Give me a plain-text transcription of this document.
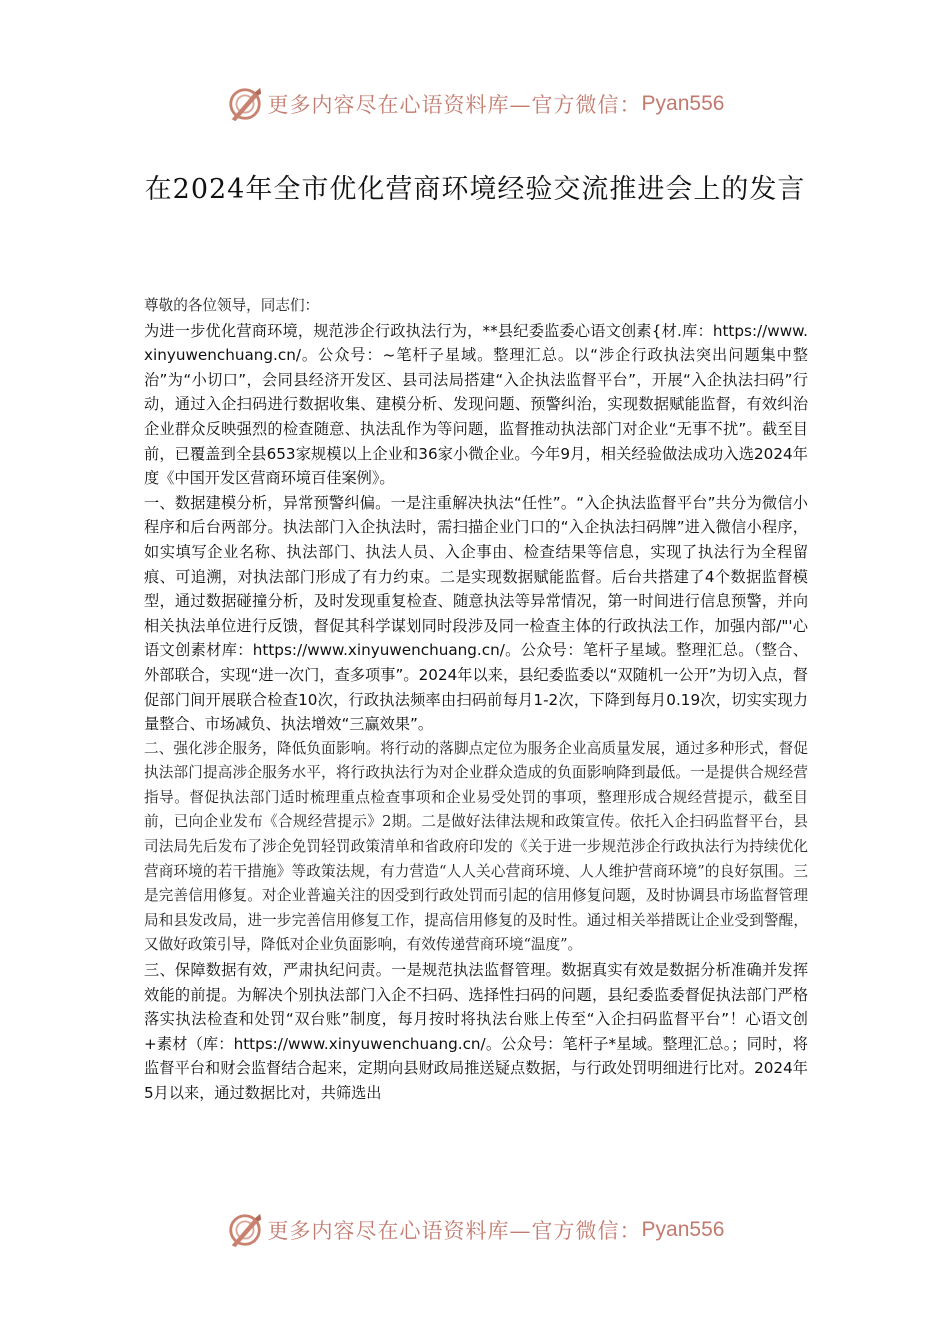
更多内容尽在心语资料库—官方微信： Pyan556
在2024年全市优化营商环境经验交流推进会上的发言

尊敬的各位领导，同志们：

为进一步优化营商环境，规范涉企行政执法行为，**县纪委监委心语文创素{材.库：https://www.xinyuwenchuang.cn/。公众号：~笔杆子星域。整理汇总。以“涉企行政执法突出问题集中整治”为“小切口”，会同县经济开发区、县司法局搭建“入企执法监督平台”，开展“入企执法扫码”行动，通过入企扫码进行数据收集、建模分析、发现问题、预警纠治，实现数据赋能监督，有效纠治企业群众反映强烈的检查随意、执法乱作为等问题，监督推动执法部门对企业“无事不扰”。截至目前，已覆盖到全县653家规模以上企业和36家小微企业。今年9月，相关经验做法成功入选2024年度《中国开发区营商环境百佳案例》。

一、数据建模分析，异常预警纠偏。一是注重解决执法“任性”。“入企执法监督平台”共分为微信小程序和后台两部分。执法部门入企执法时，需扫描企业门口的“入企执法扫码牌”进入微信小程序，如实填写企业名称、执法部门、执法人员、入企事由、检查结果等信息，实现了执法行为全程留痕、可追溯，对执法部门形成了有力约束。二是实现数据赋能监督。后台共搭建了4个数据监督模型，通过数据碰撞分析，及时发现重复检查、随意执法等异常情况，第一时间进行信息预警，并向相关执法单位进行反馈，督促其科学谋划同时段涉及同一检查主体的行政执法工作，加强内部/"'心语文创素材库：https://www.xinyuwenchuang.cn/。公众号：笔杆子星域。整理汇总。（整合、外部联合，实现“进一次门，查多项事”。2024年以来，县纪委监委以“双随机一公开”为切入点，督促部门间开展联合检查10次，行政执法频率由扫码前每月1-2次，下降到每月0.19次，切实实现力量整合、市场减负、执法增效“三赢效果”。

二、强化涉企服务，降低负面影响。将行动的落脚点定位为服务企业高质量发展，通过多种形式，督促执法部门提高涉企服务水平，将行政执法行为对企业群众造成的负面影响降到最低。一是提供合规经营指导。督促执法部门适时梳理重点检查事项和企业易受处罚的事项，整理形成合规经营提示，截至目前，已向企业发布《合规经营提示》2期。二是做好法律法规和政策宣传。依托入企扫码监督平台，县司法局先后发布了涉企免罚轻罚政策清单和省政府印发的《关于进一步规范涉企行政执法行为持续优化营商环境的若干措施》等政策法规，有力营造“人人关心营商环境、人人维护营商环境”的良好氛围。三是完善信用修复。对企业普遍关注的因受到行政处罚而引起的信用修复问题，及时协调县市场监督管理局和县发改局，进一步完善信用修复工作，提高信用修复的及时性。通过相关举措既让企业受到警醒，又做好政策引导，降低对企业负面影响，有效传递营商环境“温度”。

三、保障数据有效，严肃执纪问责。一是规范执法监督管理。数据真实有效是数据分析准确并发挥效能的前提。为解决个别执法部门入企不扫码、选择性扫码的问题，县纪委监委督促执法部门严格落实执法检查和处罚“双台账”制度，每月按时将执法台账上传至“入企扫码监督平台”！心语文创+素材（库：https://www.xinyuwenchuang.cn/。公众号：笔杆子*星域。整理汇总。；同时，将监督平台和财会监督结合起来，定期向县财政局推送疑点数据，与行政处罚明细进行比对。2024年5月以来，通过数据比对，共筛选出

更多内容尽在心语资料库—官方微信： Pyan556
